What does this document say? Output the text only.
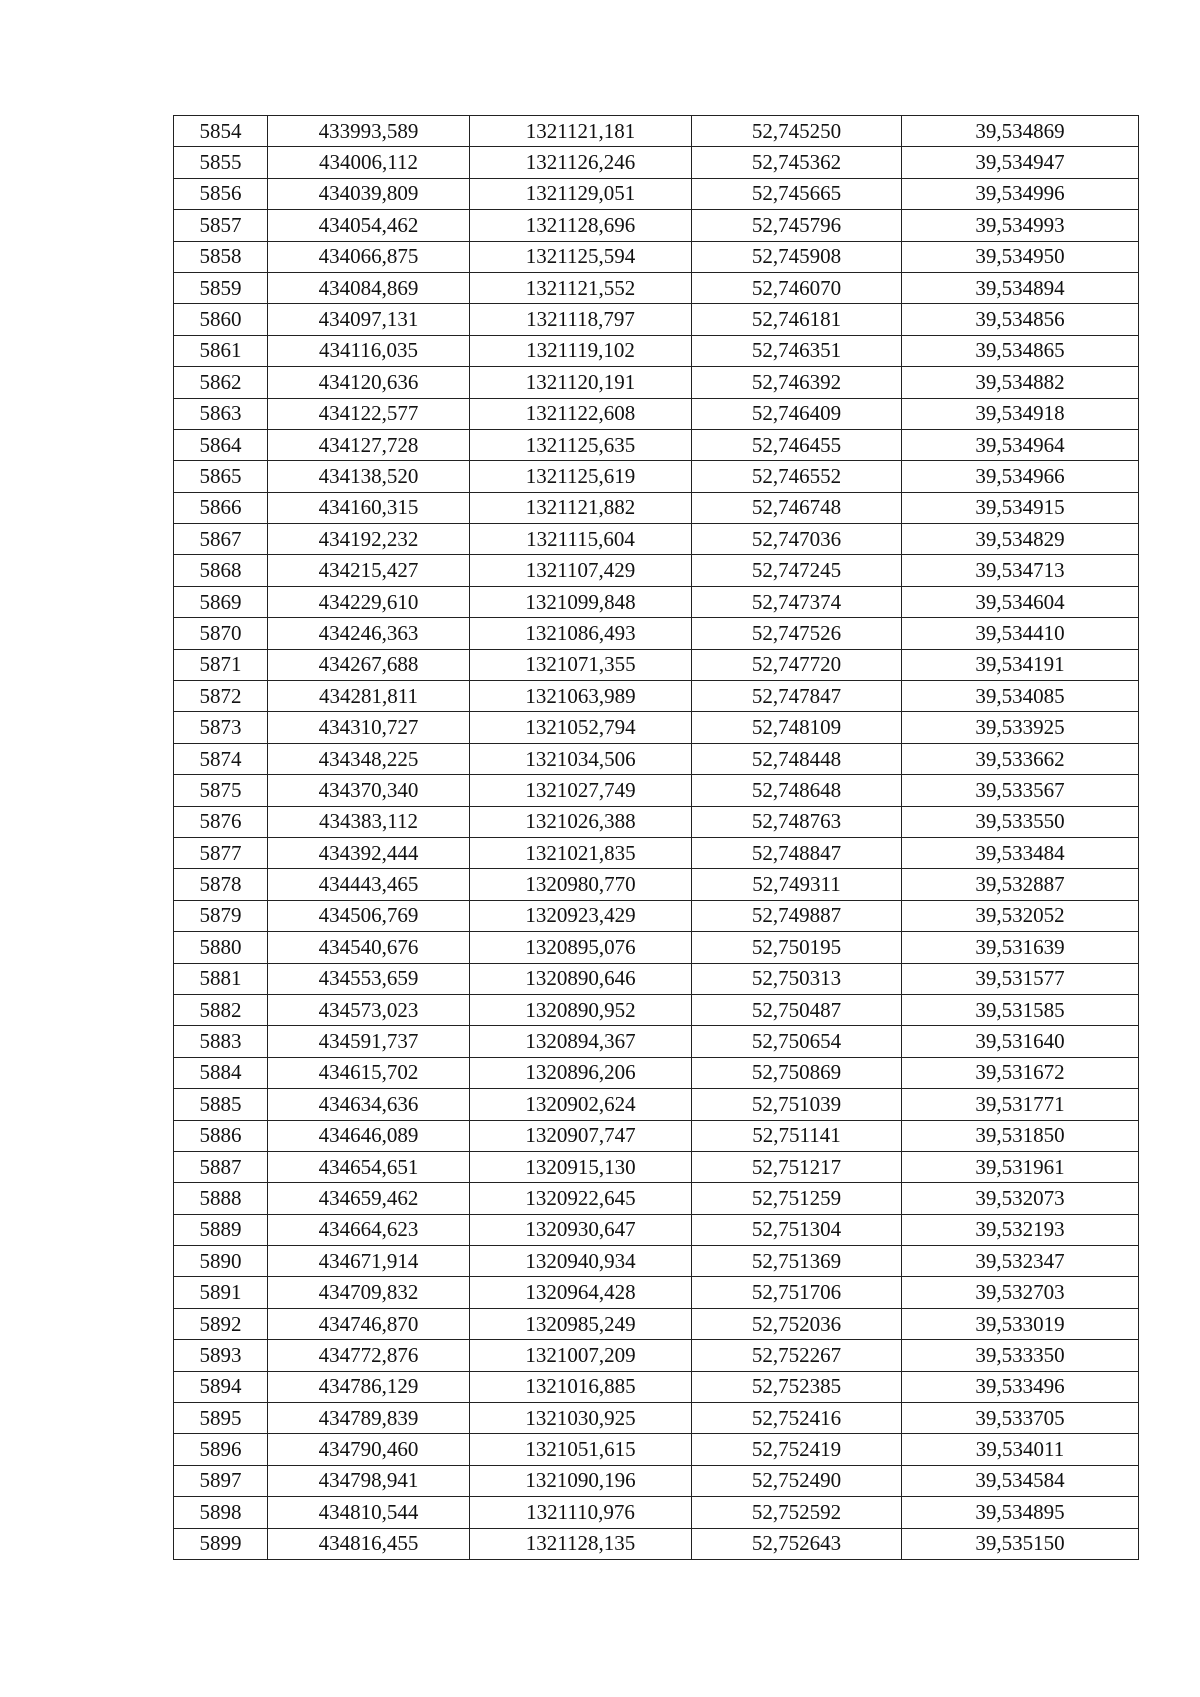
5854	433993,589	1321121,181	52,745250	39,534869
5855	434006,112	1321126,246	52,745362	39,534947
5856	434039,809	1321129,051	52,745665	39,534996
5857	434054,462	1321128,696	52,745796	39,534993
5858	434066,875	1321125,594	52,745908	39,534950
5859	434084,869	1321121,552	52,746070	39,534894
5860	434097,131	1321118,797	52,746181	39,534856
5861	434116,035	1321119,102	52,746351	39,534865
5862	434120,636	1321120,191	52,746392	39,534882
5863	434122,577	1321122,608	52,746409	39,534918
5864	434127,728	1321125,635	52,746455	39,534964
5865	434138,520	1321125,619	52,746552	39,534966
5866	434160,315	1321121,882	52,746748	39,534915
5867	434192,232	1321115,604	52,747036	39,534829
5868	434215,427	1321107,429	52,747245	39,534713
5869	434229,610	1321099,848	52,747374	39,534604
5870	434246,363	1321086,493	52,747526	39,534410
5871	434267,688	1321071,355	52,747720	39,534191
5872	434281,811	1321063,989	52,747847	39,534085
5873	434310,727	1321052,794	52,748109	39,533925
5874	434348,225	1321034,506	52,748448	39,533662
5875	434370,340	1321027,749	52,748648	39,533567
5876	434383,112	1321026,388	52,748763	39,533550
5877	434392,444	1321021,835	52,748847	39,533484
5878	434443,465	1320980,770	52,749311	39,532887
5879	434506,769	1320923,429	52,749887	39,532052
5880	434540,676	1320895,076	52,750195	39,531639
5881	434553,659	1320890,646	52,750313	39,531577
5882	434573,023	1320890,952	52,750487	39,531585
5883	434591,737	1320894,367	52,750654	39,531640
5884	434615,702	1320896,206	52,750869	39,531672
5885	434634,636	1320902,624	52,751039	39,531771
5886	434646,089	1320907,747	52,751141	39,531850
5887	434654,651	1320915,130	52,751217	39,531961
5888	434659,462	1320922,645	52,751259	39,532073
5889	434664,623	1320930,647	52,751304	39,532193
5890	434671,914	1320940,934	52,751369	39,532347
5891	434709,832	1320964,428	52,751706	39,532703
5892	434746,870	1320985,249	52,752036	39,533019
5893	434772,876	1321007,209	52,752267	39,533350
5894	434786,129	1321016,885	52,752385	39,533496
5895	434789,839	1321030,925	52,752416	39,533705
5896	434790,460	1321051,615	52,752419	39,534011
5897	434798,941	1321090,196	52,752490	39,534584
5898	434810,544	1321110,976	52,752592	39,534895
5899	434816,455	1321128,135	52,752643	39,535150
